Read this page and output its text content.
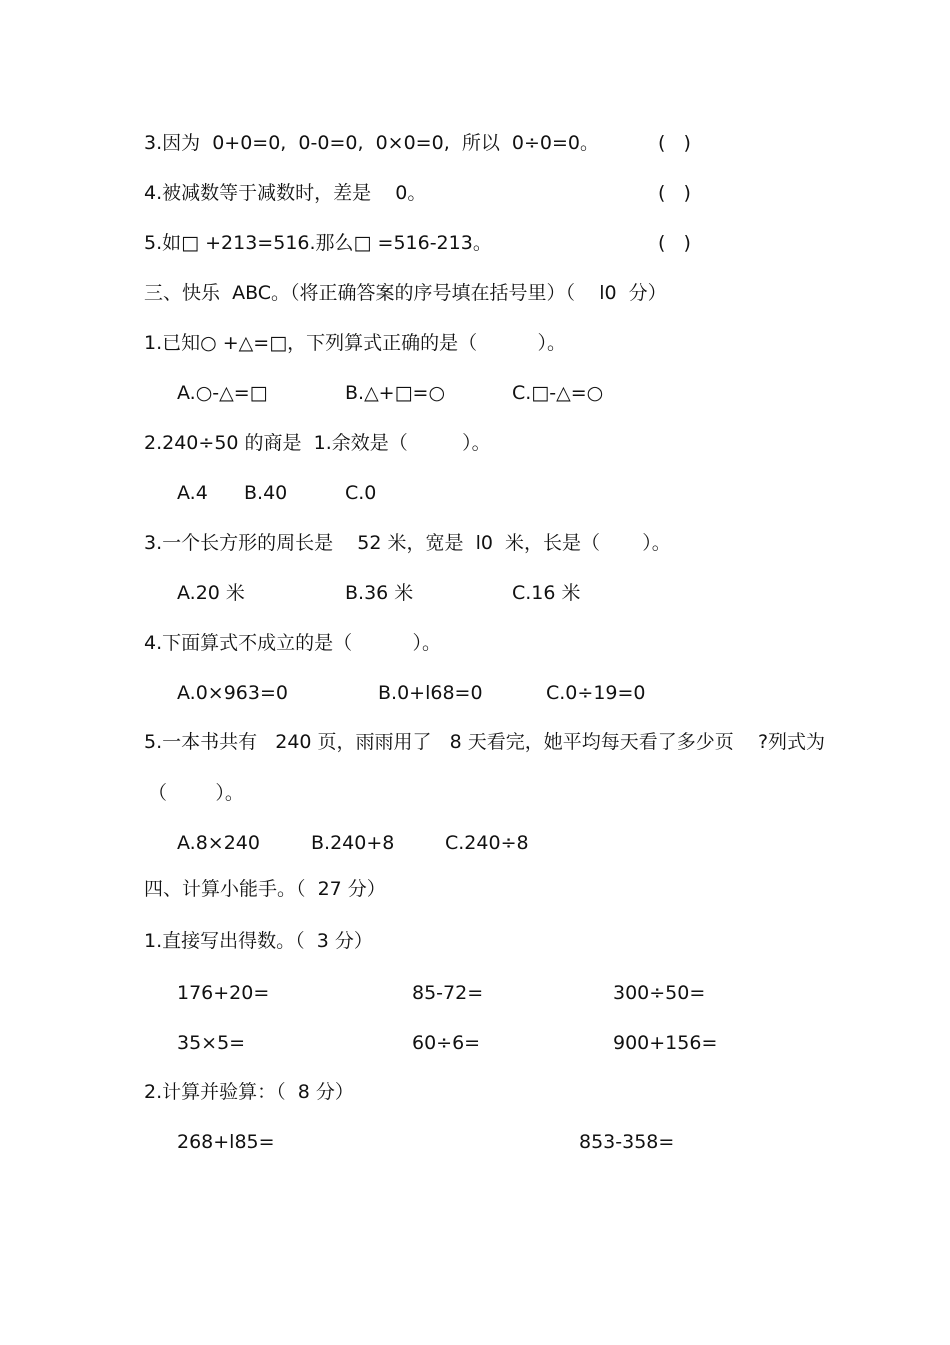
3.因为  0+0=0,  0-0=0,  0×0=0,  所以  0÷0=0。	(   )
4.被减数等于减数时，差是    0。	(   )
5.如□ +213=516.那么□ =516-213。	(   )
三、快乐  ABC。（将正确答案的序号填在括号里）（    l0  分）
1.已知○ +△=□，下列算式正确的是（          ）。
A.○-△=□	B.△+□=○	C.□-△=○
2.240÷50 的商是  1.余效是（         ）。
A.4 B.40	C.0
3.一个长方形的周长是    52 米，宽是  l0  米，长是（       ）。
A.20 米	B.36 米	C.16 米
4.下面算式不成立的是（          ）。
A.0×963=0	B.0+l68=0	C.0÷19=0
5.一本书共有   240 页，雨雨用了   8 天看完，她平均每天看了多少页    ?列式为
（        ）。
A.8×240	B.240+8	C.240÷8
四、计算小能手。（  27 分）
1.直接写出得数。（  3 分）
176+20=	85-72=	300÷50=
35×5=	60÷6=	900+156=
2.计算并验算：（  8 分）
268+l85=	853-358=
